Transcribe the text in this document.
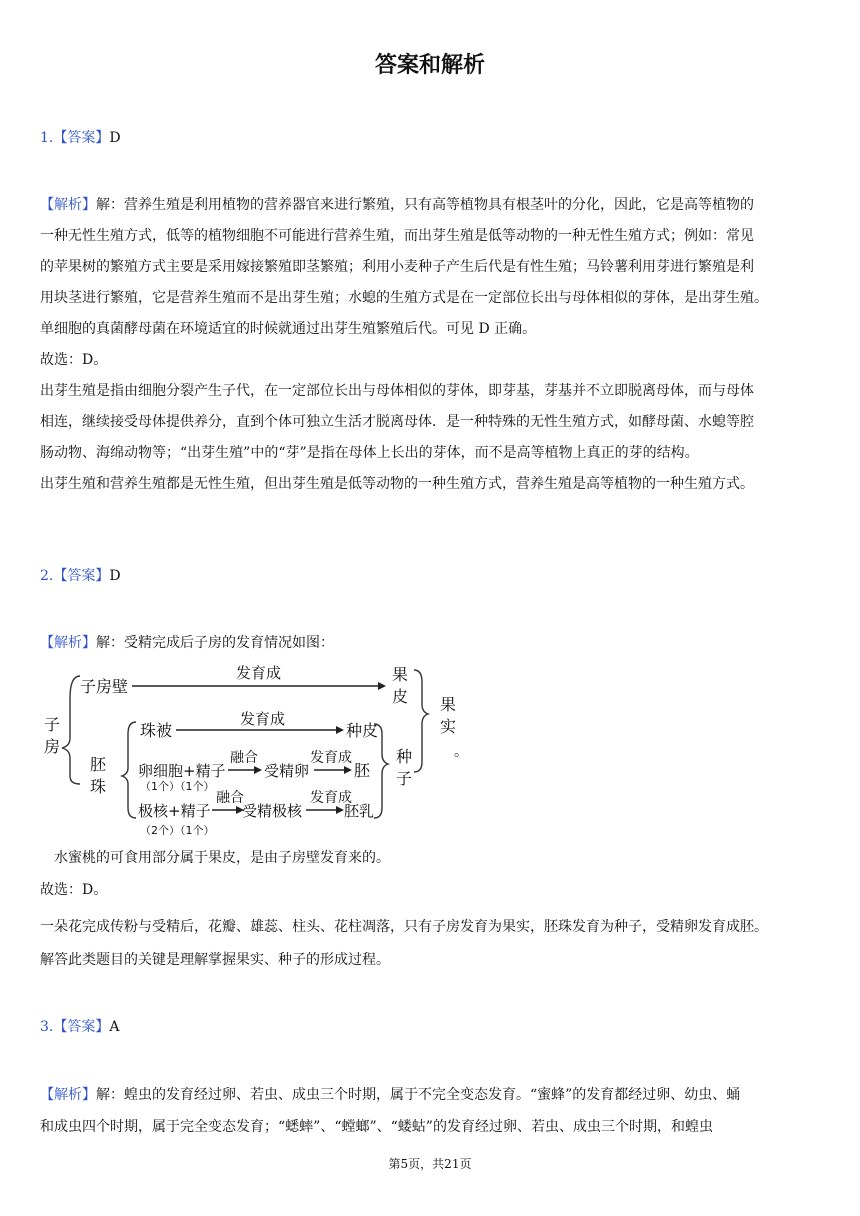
答案和解析
1.【答案】D
【解析】解：营养生殖是利用植物的营养器官来进行繁殖，只有高等植物具有根茎叶的分化，因此，它是高等植物的
一种无性生殖方式，低等的植物细胞不可能进行营养生殖，而出芽生殖是低等动物的一种无性生殖方式；例如：常见
的苹果树的繁殖方式主要是采用嫁接繁殖即茎繁殖；利用小麦种子产生后代是有性生殖；马铃薯利用芽进行繁殖是利
用块茎进行繁殖，它是营养生殖而不是出芽生殖；水螅的生殖方式是在一定部位长出与母体相似的芽体，是出芽生殖。
单细胞的真菌酵母菌在环境适宜的时候就通过出芽生殖繁殖后代。可见 D 正确。
故选：D。
出芽生殖是指由细胞分裂产生子代，在一定部位长出与母体相似的芽体，即芽基，芽基并不立即脱离母体，而与母体
相连，继续接受母体提供养分，直到个体可独立生活才脱离母体．是一种特殊的无性生殖方式，如酵母菌、水螅等腔
肠动物、海绵动物等；“出芽生殖”中的“芽”是指在母体上长出的芽体，而不是高等植物上真正的芽的结构。
出芽生殖和营养生殖都是无性生殖，但出芽生殖是低等动物的一种生殖方式，营养生殖是高等植物的一种生殖方式。
2.【答案】D
【解析】解：受精完成后子房的发育情况如图：
子
房
子房壁
发育成	果
皮
胚
珠
珠被
发育成
种皮
卵细胞+精子
（1个）（1个）
融合
受精卵
发育成
胚
极核+精子
（2个）（1个）
融合
受精极核
发育成
胚乳
种
子
果
实
。
水蜜桃的可食用部分属于果皮，是由子房壁发育来的。
故选：D。
一朵花完成传粉与受精后，花瓣、雄蕊、柱头、花柱凋落，只有子房发育为果实，胚珠发育为种子，受精卵发育成胚。
解答此类题目的关键是理解掌握果实、种子的形成过程。
3.【答案】A
【解析】解：蝗虫的发育经过卵、若虫、成虫三个时期，属于不完全变态发育。“蜜蜂”的发育都经过卵、幼虫、蛹
和成虫四个时期，属于完全变态发育；“蟋蟀”、“螳螂”、“蝼蛄”的发育经过卵、若虫、成虫三个时期，和蝗虫
第5页，共21页
